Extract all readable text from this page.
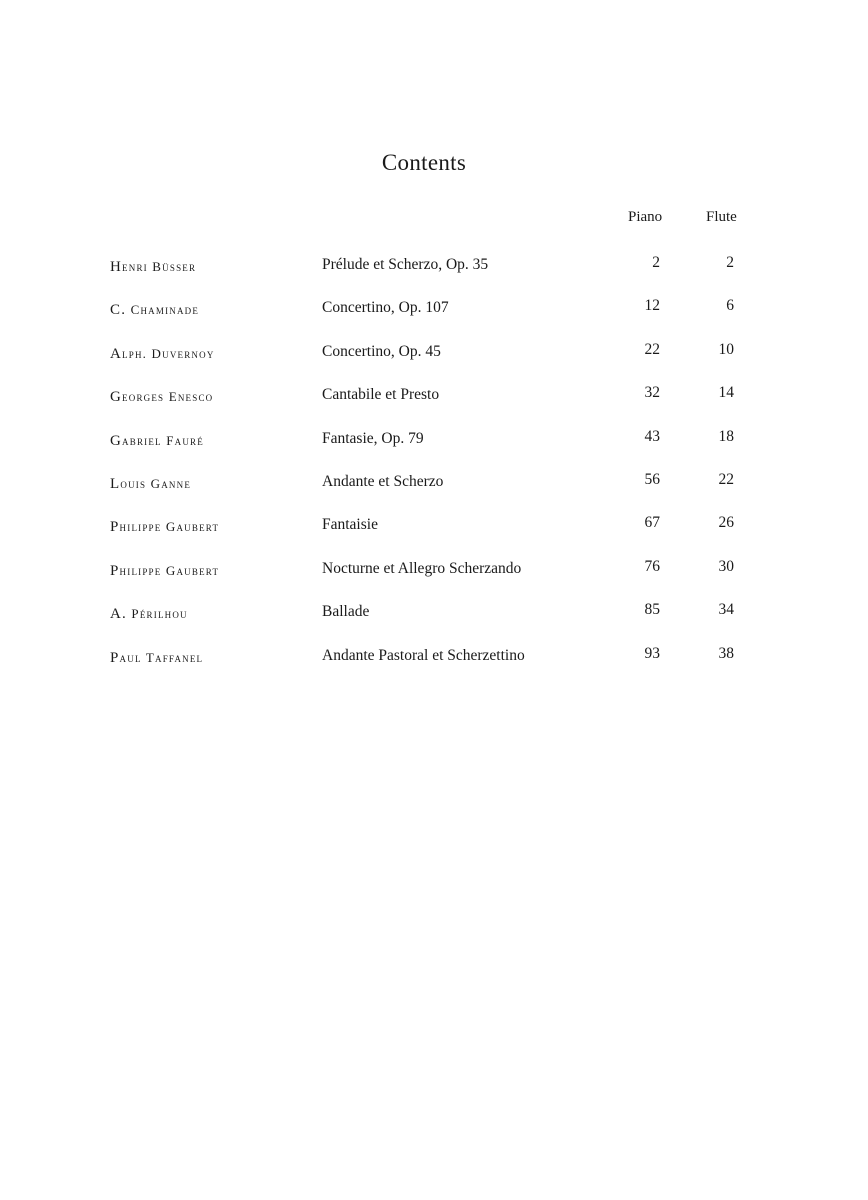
Contents
Piano	Flute
Henri Büsser	Prélude et Scherzo, Op. 35	2	2
C. Chaminade	Concertino, Op. 107	12	6
Alph. Duvernoy	Concertino, Op. 45	22	10
Georges Enesco	Cantabile et Presto	32	14
Gabriel Fauré	Fantasie, Op. 79	43	18
Louis Ganne	Andante et Scherzo	56	22
Philippe Gaubert	Fantaisie	67	26
Philippe Gaubert	Nocturne et Allegro Scherzando	76	30
A. Périlhou	Ballade	85	34
Paul Taffanel	Andante Pastoral et Scherzettino	93	38
